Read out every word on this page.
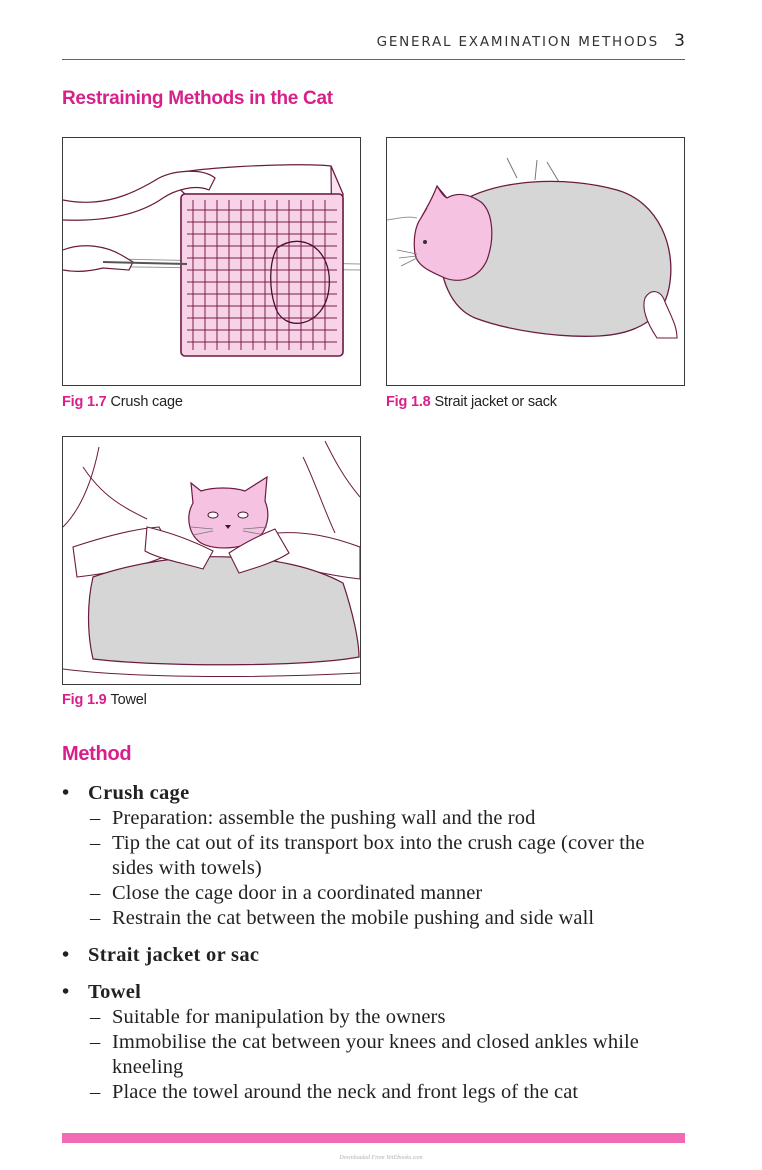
GENERAL EXAMINATION METHODS 3
Restraining Methods in the Cat
Fig 1.7 Crush cage	Fig 1.8 Strait jacket or sack
Fig 1.9 Towel
Method
• Crush cage
– Preparation: assemble the pushing wall and the rod
– Tip the cat out of its transport box into the crush cage (cover the sides with towels)
– Close the cage door in a coordinated manner
– Restrain the cat between the mobile pushing and side wall
• Strait jacket or sac
• Towel
– Suitable for manipulation by the owners
– Immobilise the cat between your knees and closed ankles while kneeling
– Place the towel around the neck and front legs of the cat
Downloaded From VetEbooks.com
